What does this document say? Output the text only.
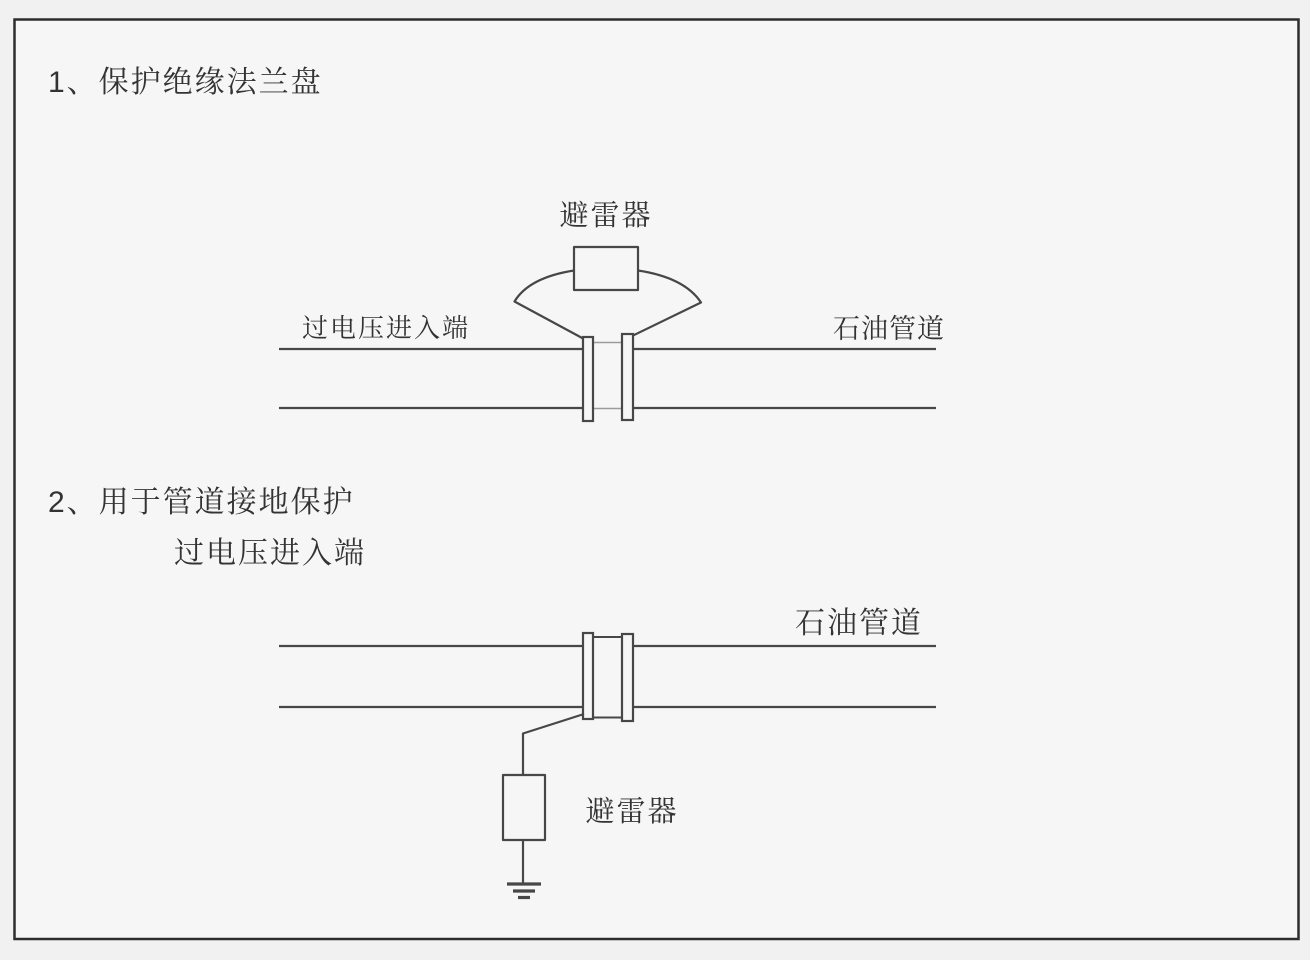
1、保护绝缘法兰盘
避雷器
过电压进入端	石油管道
2、用于管道接地保护
过电压进入端
石油管道
避雷器
